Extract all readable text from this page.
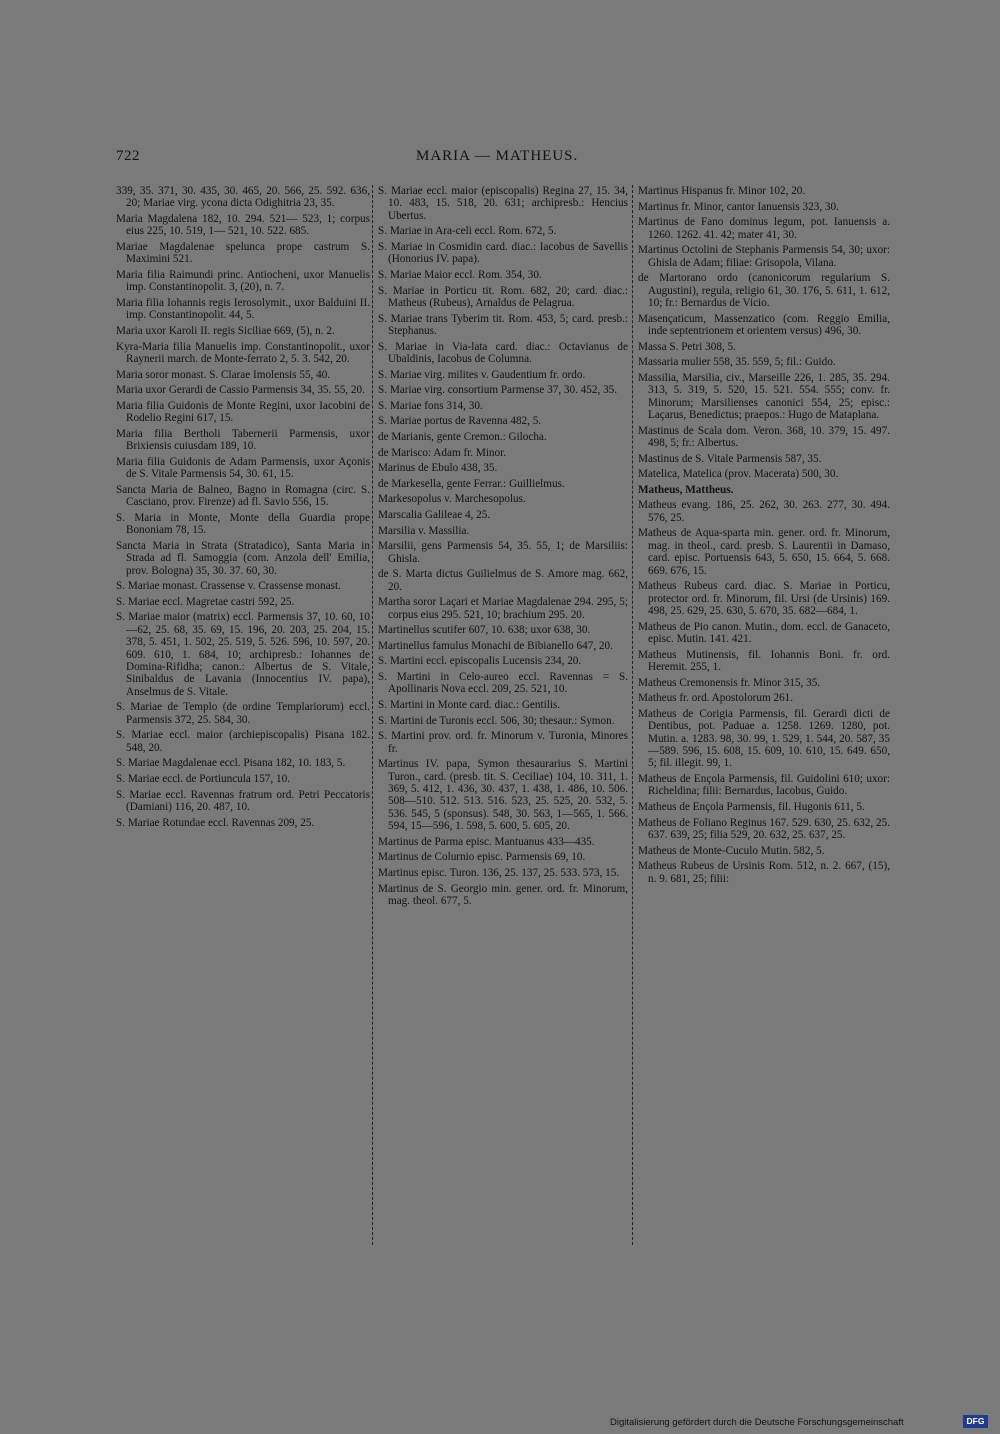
722	MARIA — MATHEUS.

339, 35. 371, 30. 435, 30. 465, 20. 566, 25. 592. 636, 20; Mariae virg. ycona dicta Odighitria 23, 35.

Maria Magdalena 182, 10. 294. 521— 523, 1; corpus eius 225, 10. 519, 1— 521, 10. 522. 685.

Mariae Magdalenae spelunca prope castrum S. Maximini 521.

Maria filia Raimundi princ. Antiocheni, uxor Manuelis imp. Constantinopolit. 3, (20), n. 7.

Maria filia Iohannis regis Ierosolymit., uxor Balduini II. imp. Constantinopolit. 44, 5.

Maria uxor Karoli II. regis Siciliae 669, (5), n. 2.

Kyra-Maria filia Manuelis imp. Constantinopolit., uxor Raynerii march. de Monte-ferrato 2, 5. 3. 542, 20.

Maria soror monast. S. Clarae Imolensis 55, 40.

Maria uxor Gerardi de Cassio Parmensis 34, 35. 55, 20.

Maria filia Guidonis de Monte Regini, uxor Iacobini de Rodelio Regini 617, 15.

Maria filia Bertholi Tabernerii Parmensis, uxor Brixiensis cuiusdam 189, 10.

Maria filia Guidonis de Adam Parmensis, uxor Açonis de S. Vitale Parmensis 54, 30. 61, 15.

Sancta Maria de Balneo, Bagno in Romagna (circ. S. Casciano, prov. Firenze) ad fl. Savio 556, 15.

S. Maria in Monte, Monte della Guardia prope Bononiam 78, 15.

Sancta Maria in Strata (Stratadico), Santa Maria in Strada ad fl. Samoggia (com. Anzola dell' Emilia, prov. Bologna) 35, 30. 37. 60, 30.

S. Mariae monast. Crassense v. Crassense monast.

S. Mariae eccl. Magretae castri 592, 25.

S. Mariae maior (matrix) eccl. Parmensis 37, 10. 60, 10—62, 25. 68, 35. 69, 15. 196, 20. 203, 25. 204, 15. 378, 5. 451, 1. 502, 25. 519, 5. 526. 596, 10. 597, 20. 609. 610, 1. 684, 10; archipresb.: Iohannes de Domina-Rifidha; canon.: Albertus de S. Vitale, Sinibaldus de Lavania (Innocentius IV. papa), Anselmus de S. Vitale.

S. Mariae de Templo (de ordine Templariorum) eccl. Parmensis 372, 25. 584, 30.

S. Mariae eccl. maior (archiepiscopalis) Pisana 182. 548, 20.

S. Mariae Magdalenae eccl. Pisana 182, 10. 183, 5.

S. Mariae eccl. de Portiuncula 157, 10.

S. Mariae eccl. Ravennas fratrum ord. Petri Peccatoris (Damiani) 116, 20. 487, 10.

S. Mariae Rotundae eccl. Ravennas 209, 25.

S. Mariae eccl. maior (episcopalis) Regina 27, 15. 34, 10. 483, 15. 518, 20. 631; archipresb.: Hencius Ubertus.

S. Mariae in Ara-celi eccl. Rom. 672, 5.

S. Mariae in Cosmidin card. diac.: Iacobus de Savellis (Honorius IV. papa).

S. Mariae Maior eccl. Rom. 354, 30.

S. Mariae in Porticu tit. Rom. 682, 20; card. diac.: Matheus (Rubeus), Arnaldus de Pelagrua.

S. Mariae trans Tyberim tit. Rom. 453, 5; card. presb.: Stephanus.

S. Mariae in Via-lata card. diac.: Octavianus de Ubaldinis, Iacobus de Columna.

S. Mariae virg. milites v. Gaudentium fr. ordo.

S. Mariae virg. consortium Parmense 37, 30. 452, 35.

S. Mariae fons 314, 30.

S. Mariae portus de Ravenna 482, 5.

de Marianis, gente Cremon.: Gilocha.

de Marisco: Adam fr. Minor.

Marinus de Ebulo 438, 35.

de Markesella, gente Ferrar.: Guillielmus.

Markesopolus v. Marchesopolus.

Marscalia Galileae 4, 25.

Marsilia v. Massilia.

Marsilii, gens Parmensis 54, 35. 55, 1; de Marsiliis: Ghisla.

de S. Marta dictus Guilielmus de S. Amore mag. 662, 20.

Martha soror Laçari et Mariae Magdalenae 294. 295, 5; corpus eius 295. 521, 10; brachium 295. 20.

Martinellus scutifer 607, 10. 638; uxor 638, 30.

Martinellus famulus Monachi de Bibianello 647, 20.

S. Martini eccl. episcopalis Lucensis 234, 20.

S. Martini in Celo-aureo eccl. Ravennas = S. Apollinaris Nova eccl. 209, 25. 521, 10.

S. Martini in Monte card. diac.: Gentilis.

S. Martini de Turonis eccl. 506, 30; thesaur.: Symon.

S. Martini prov. ord. fr. Minorum v. Turonia, Minores fr.

Martinus IV. papa, Symon thesaurarius S. Martini Turon., card. (presb. tit. S. Ceciliae) 104, 10. 311, 1. 369, 5. 412, 1. 436, 30. 437, 1. 438, 1. 486, 10. 506. 508—510. 512. 513. 516. 523, 25. 525, 20. 532, 5. 536. 545, 5 (sponsus). 548, 30. 563, 1—565, 1. 566. 594, 15—596, 1. 598, 5. 600, 5. 605, 20.

Martinus de Parma episc. Mantuanus 433—435.

Martinus de Colurnio episc. Parmensis 69, 10.

Martinus episc. Turon. 136, 25. 137, 25. 533. 573, 15.

Martinus de S. Georgio min. gener. ord. fr. Minorum, mag. theol. 677, 5.

Martinus Hispanus fr. Minor 102, 20.

Martinus fr. Minor, cantor Ianuensis 323, 30.

Martinus de Fano dominus legum, pot. Ianuensis a. 1260. 1262. 41. 42; mater 41, 30.

Martinus Octolini de Stephanis Parmensis 54, 30; uxor: Ghisla de Adam; filiae: Grisopola, Vilana.

de Martorano ordo (canonicorum regularium S. Augustini), regula, religio 61, 30. 176, 5. 611, 1. 612, 10; fr.: Bernardus de Vicio.

Masençaticum, Massenzatico (com. Reggio Emilia, inde septentrionem et orientem versus) 496, 30.

Massa S. Petri 308, 5.

Massaria mulier 558, 35. 559, 5; fil.: Guido.

Massilia, Marsilia, civ., Marseille 226, 1. 285, 35. 294. 313, 5. 319, 5. 520, 15. 521. 554. 555; conv. fr. Minorum; Marsilienses canonici 554, 25; episc.: Laçarus, Benedictus; praepos.: Hugo de Mataplana.

Mastinus de Scala dom. Veron. 368, 10. 379, 15. 497. 498, 5; fr.: Albertus.

Mastinus de S. Vitale Parmensis 587, 35.

Matelica, Matelica (prov. Macerata) 500, 30.

Matheus, Mattheus.

Matheus evang. 186, 25. 262, 30. 263. 277, 30. 494. 576, 25.

Matheus de Aqua-sparta min. gener. ord. fr. Minorum, mag. in theol., card. presb. S. Laurentii in Damaso, card. episc. Portuensis 643, 5. 650, 15. 664, 5. 668. 669. 676, 15.

Matheus Rubeus card. diac. S. Mariae in Porticu, protector ord. fr. Minorum, fil. Ursi (de Ursinis) 169. 498, 25. 629, 25. 630, 5. 670, 35. 682—684, 1.

Matheus de Pio canon. Mutin., dom. eccl. de Ganaceto, episc. Mutin. 141. 421.

Matheus Mutinensis, fil. Iohannis Boni. fr. ord. Heremit. 255, 1.

Matheus Cremonensis fr. Minor 315, 35.

Matheus fr. ord. Apostolorum 261.

Matheus de Corigia Parmensis, fil. Gerardi dicti de Dentibus, pot. Paduae a. 1258. 1269. 1280, pot. Mutin. a. 1283. 98, 30. 99, 1. 529, 1. 544, 20. 587, 35—589. 596, 15. 608, 15. 609, 10. 610, 15. 649. 650, 5; fil. illegit. 99, 1.

Matheus de Ençola Parmensis, fil. Guidolini 610; uxor: Richeldina; filii: Bernardus, Iacobus, Guido.

Matheus de Ençola Parmensis, fil. Hugonis 611, 5.

Matheus de Foliano Reginus 167. 529. 630, 25. 632, 25. 637. 639, 25; filia 529, 20. 632, 25. 637, 25.

Matheus de Monte-Cuculo Mutin. 582, 5.

Matheus Rubeus de Ursinis Rom. 512, n. 2. 667, (15), n. 9. 681, 25; filii:

Digitalisierung gefördert durch die Deutsche Forschungsgemeinschaft	DFG
